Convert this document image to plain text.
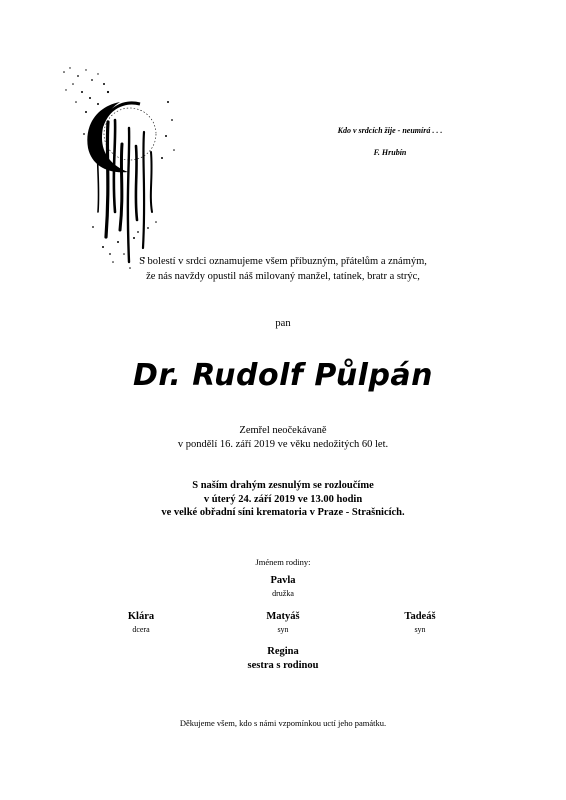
Kdo v srdcích žije - neumírá . . .
F. Hrubín
S bolestí v srdci oznamujeme všem příbuzným, přátelům a známým,
že nás navždy opustil náš milovaný manžel, tatínek, bratr a strýc,
pan
Dr. Rudolf Půlpán
Zemřel neočekávaně
v pondělí 16. září 2019 ve věku nedožitých 60 let.
S naším drahým zesnulým se rozloučíme
v úterý 24. září 2019 ve 13.00 hodin
ve velké obřadní síni krematoria v Praze - Strašnicích.
Jménem rodiny:
Pavla
družka
Klára
dcera
Matyáš
syn
Tadeáš
syn
Regina
sestra s rodinou
Děkujeme všem, kdo s námi vzpomínkou uctí jeho památku.
